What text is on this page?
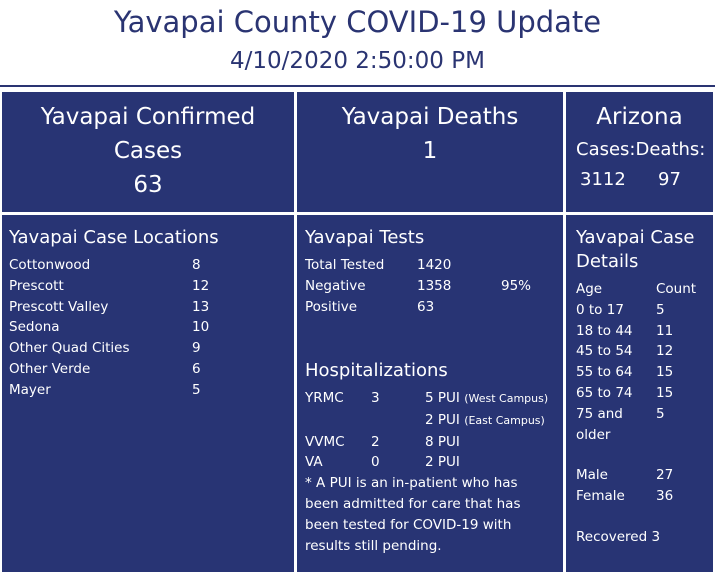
Yavapai County COVID-19 Update
4/10/2020 2:50:00 PM
Yavapai Confirmed
Cases
63
Yavapai Deaths
1
Arizona
Cases:Deaths:
3112 97
Yavapai Case Locations
Cottonwood	8
Prescott	12
Prescott Valley	13
Sedona	10
Other Quad Cities	9
Other Verde	6
Mayer	5
Yavapai Tests
Total Tested 1420
Negative	1358	95%
Positive	63
Hospitalizations
YRMC 3	5 PUI (West Campus)
2 PUI (East Campus)
VVMC 2	8 PUI
VA	0	2 PUI
* A PUI is an in-patient who has
been admitted for care that has
been tested for COVID-19 with
results still pending.
Yavapai Case
Details
Age	Count
0 to 17 5
18 to 44 11
45 to 54 12
55 to 64 15
65 to 74 15
75 and 5
older
Male	27
Female 36
Recovered 3
